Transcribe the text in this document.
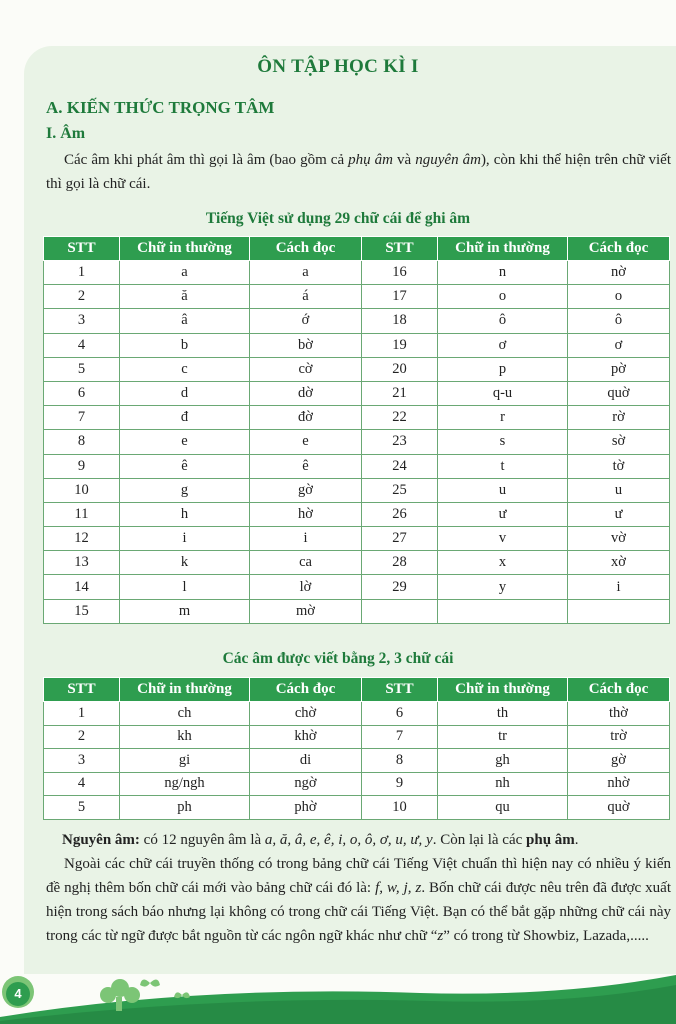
ÔN TẬP HỌC KÌ I
A. KIẾN THỨC TRỌNG TÂM
I. Âm
Các âm khi phát âm thì gọi là âm (bao gồm cả phụ âm và nguyên âm), còn khi thể hiện trên chữ viết thì gọi là chữ cái.
Tiếng Việt sử dụng 29 chữ cái để ghi âm
STT	Chữ in thường	Cách đọc	STT	Chữ in thường	Cách đọc
1	a	a	16	n	nờ
2	ă	á	17	o	o
3	â	ớ	18	ô	ô
4	b	bờ	19	ơ	ơ
5	c	cờ	20	p	pờ
6	d	dờ	21	q-u	quờ
7	đ	đờ	22	r	rờ
8	e	e	23	s	sờ
9	ê	ê	24	t	tờ
10	g	gờ	25	u	u
11	h	hờ	26	ư	ư
12	i	i	27	v	vờ
13	k	ca	28	x	xờ
14	l	lờ	29	y	i
15	m	mờ			
Các âm được viết bằng 2, 3 chữ cái
STT	Chữ in thường	Cách đọc	STT	Chữ in thường	Cách đọc
1	ch	chờ	6	th	thờ
2	kh	khờ	7	tr	trờ
3	gi	di	8	gh	gờ
4	ng/ngh	ngờ	9	nh	nhờ
5	ph	phờ	10	qu	quờ
Nguyên âm: có 12 nguyên âm là a, ă, â, e, ê, i, o, ô, ơ, u, ư, y. Còn lại là các phụ âm.
Ngoài các chữ cái truyền thống có trong bảng chữ cái Tiếng Việt chuẩn thì hiện nay có nhiều ý kiến đề nghị thêm bốn chữ cái mới vào bảng chữ cái đó là: f, w, j, z. Bốn chữ cái được nêu trên đã được xuất hiện trong sách báo nhưng lại không có trong chữ cái Tiếng Việt. Bạn có thể bắt gặp những chữ cái này trong các từ ngữ được bắt nguồn từ các ngôn ngữ khác như chữ “z” có trong từ Showbiz, Lazada,.....
4
